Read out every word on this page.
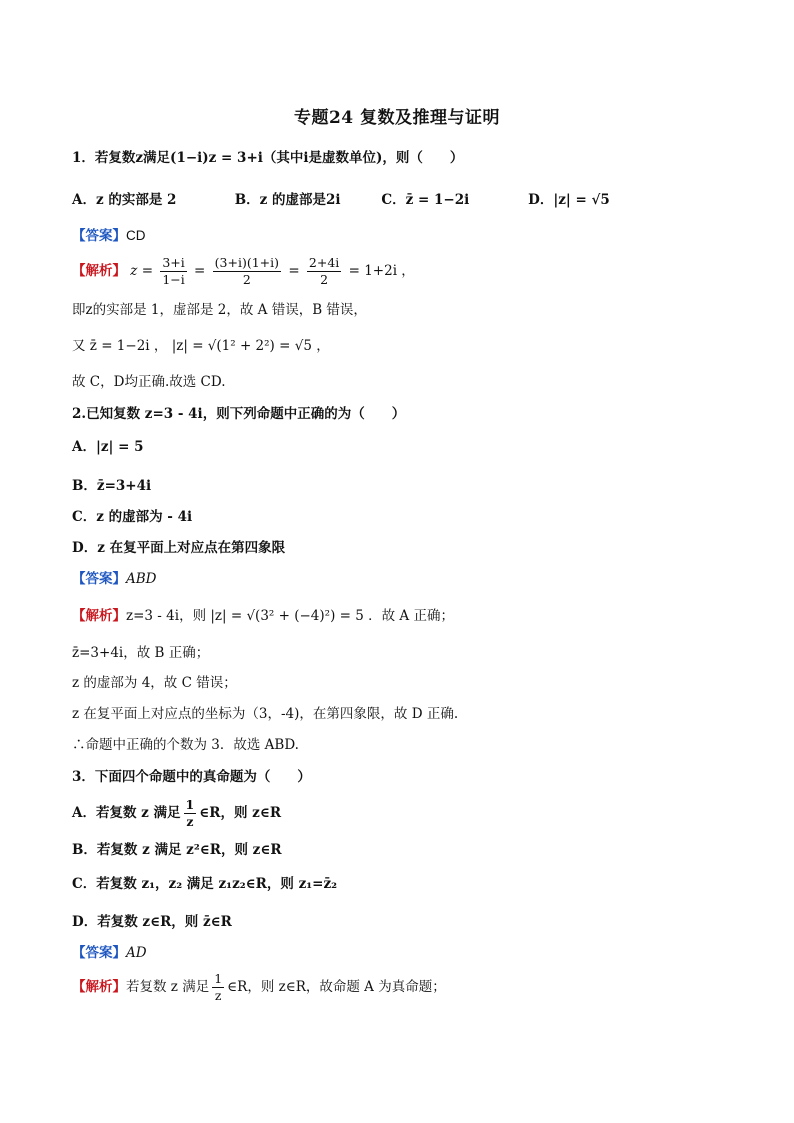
专题24 复数及推理与证明
1．若复数z满足(1−i)z = 3+i（其中i是虚数单位)，则（　　）
A．z 的实部是 2	B．z 的虚部是2i	C．z̄ = 1−2i	D．|z| = √5
【答案】CD
【解析】 $z = \frac{3+i}{1-i} = \frac{(3+i)(1+i)}{2} = \frac{2+4i}{2} = 1+2i$ ，
即z的实部是 1，虚部是 2，故 A 错误，B 错误，
又 z̄ = 1−2i ， |z| = √(1² + 2²) = √5 ，
故 C，D均正确.故选 CD.
2.已知复数 z=3 - 4i，则下列命题中正确的为（　　）
A．|z| = 5
B．z̄=3+4i
C．z 的虚部为 - 4i
D．z 在复平面上对应点在第四象限
【答案】ABD
【解析】z=3 - 4i，则 |z| = √(3² + (−4)²) = 5 ．故 A 正确；
z̄=3+4i，故 B 正确；
z 的虚部为 4，故 C 错误；
z 在复平面上对应点的坐标为（3，-4)，在第四象限，故 D 正确.
∴命题中正确的个数为 3．故选 ABD.
3．下面四个命题中的真命题为（　　）
A．若复数 z 满足 $\frac{1}{z}$ ∈R，则 z∈R
B．若复数 z 满足 z²∈R，则 z∈R
C．若复数 z₁，z₂ 满足 z₁z₂∈R，则 z₁=z̄₂
D．若复数 z∈R，则 z̄∈R
【答案】AD
【解析】若复数 z 满足 $\frac{1}{z}$ ∈R，则 z∈R，故命题 A 为真命题；
